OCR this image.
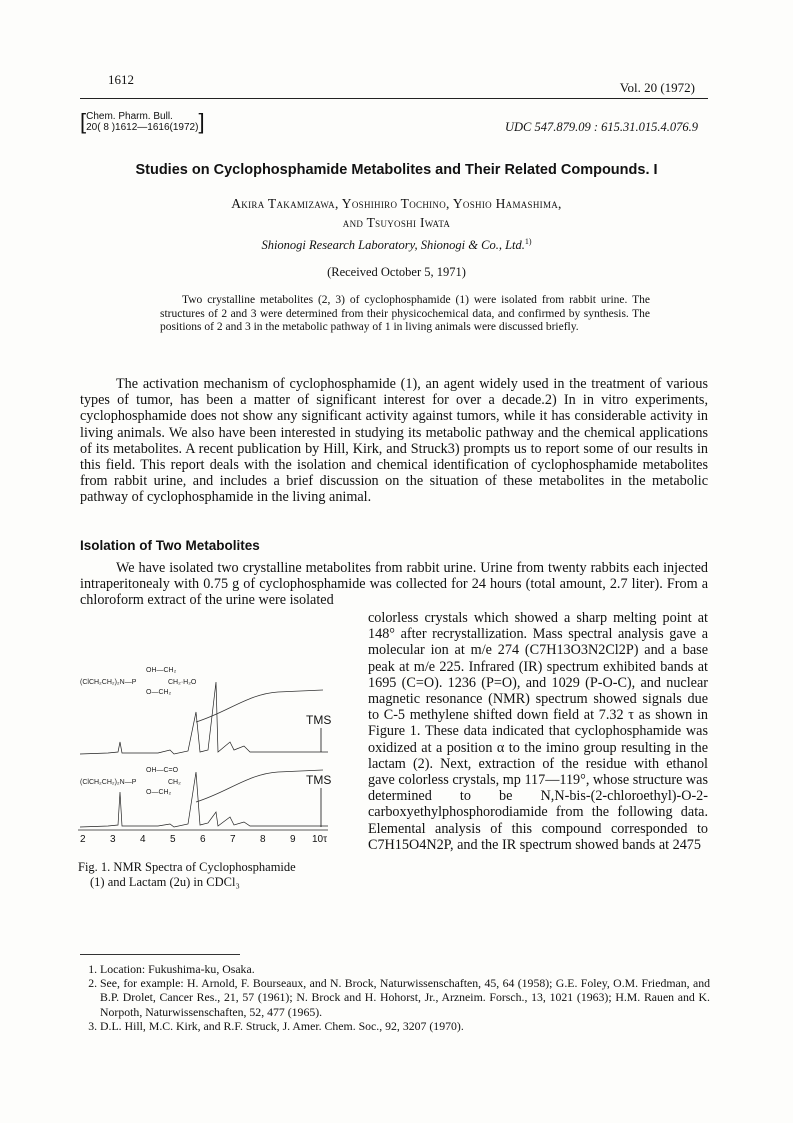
1612
Vol. 20 (1972)
[Chem. Pharm. Bull.
20( 8 )1612—1616(1972)]	UDC 547.879.09 : 615.31.015.4.076.9
Studies on Cyclophosphamide Metabolites and Their Related Compounds. I
Akira Takamizawa, Yoshihiro Tochino, Yoshio Hamashima,
and Tsuyoshi Iwata
Shionogi Research Laboratory, Shionogi & Co., Ltd.$^{1)}$
(Received October 5, 1971)

Two crystalline metabolites (2, 3) of cyclophosphamide (1) were isolated from rabbit urine. The structures of 2 and 3 were determined from their physicochemical data, and confirmed by synthesis. The positions of 2 and 3 in the metabolic pathway of 1 in living animals were discussed briefly.

The activation mechanism of cyclophosphamide (1), an agent widely used in the treatment of various types of tumor, has been a matter of significant interest for over a decade.2) In in vitro experiments, cyclophosphamide does not show any significant activity against tumors, while it has considerable activity in living animals. We also have been interested in studying its metabolic pathway and the chemical applications of its metabolites. A recent publication by Hill, Kirk, and Struck3) prompts us to report some of our results in this field. This report deals with the isolation and chemical identification of cyclophosphamide metabolites from rabbit urine, and includes a brief discussion on the situation of these metabolites in the metabolic pathway of cyclophosphamide in the living animal.

Isolation of Two Metabolites

We have isolated two crystalline metabolites from rabbit urine. Urine from twenty rabbits each injected intraperitonealy with 0.75 g of cyclophosphamide was collected for 24 hours (total amount, 2.7 liter). From a chloroform extract of the urine were isolated

colorless crystals which showed a sharp melting point at 148° after recrystallization. Mass spectral analysis gave a molecular ion at m/e 274 (C7H13O3N2Cl2P) and a base peak at m/e 225. Infrared (IR) spectrum exhibited bands at 1695 (C=O). 1236 (P=O), and 1029 (P-O-C), and nuclear magnetic resonance (NMR) spectrum showed signals due to C-5 methylene shifted down field at 7.32 τ as shown in Figure 1. These data indicated that cyclophosphamide was oxidized at a position α to the imino group resulting in the lactam (2). Next, extraction of the residue with ethanol gave colorless crystals, mp 117—119°, whose structure was determined to be N,N-bis-(2-chloroethyl)-O-2-carboxyethylphosphorodiamide from the following data. Elemental analysis of this compound corresponded to C7H15O4N2P, and the IR spectrum showed bands at 2475

OH—CH₂
(ClCH₂CH₂)₂N—P	CH₂·H₂O
O—CH₂
OH—C=O
(ClCH₂CH₂)₂N—P	CH₂
O—CH₂
TMS
TMS
2 3 4 5 6 7 8 9 10τ
Fig. 1. NMR Spectra of Cyclophosphamide
(1) and Lactam (2u) in CDCl₃
1. Location: Fukushima-ku, Osaka.
2. See, for example: H. Arnold, F. Bourseaux, and N. Brock, Naturwissenschaften, 45, 64 (1958); G.E. Foley, O.M. Friedman, and B.P. Drolet, Cancer Res., 21, 57 (1961); N. Brock and H. Hohorst, Jr., Arzneim. Forsch., 13, 1021 (1963); H.M. Rauen and K. Norpoth, Naturwissenschaften, 52, 477 (1965).
3. D.L. Hill, M.C. Kirk, and R.F. Struck, J. Amer. Chem. Soc., 92, 3207 (1970).
